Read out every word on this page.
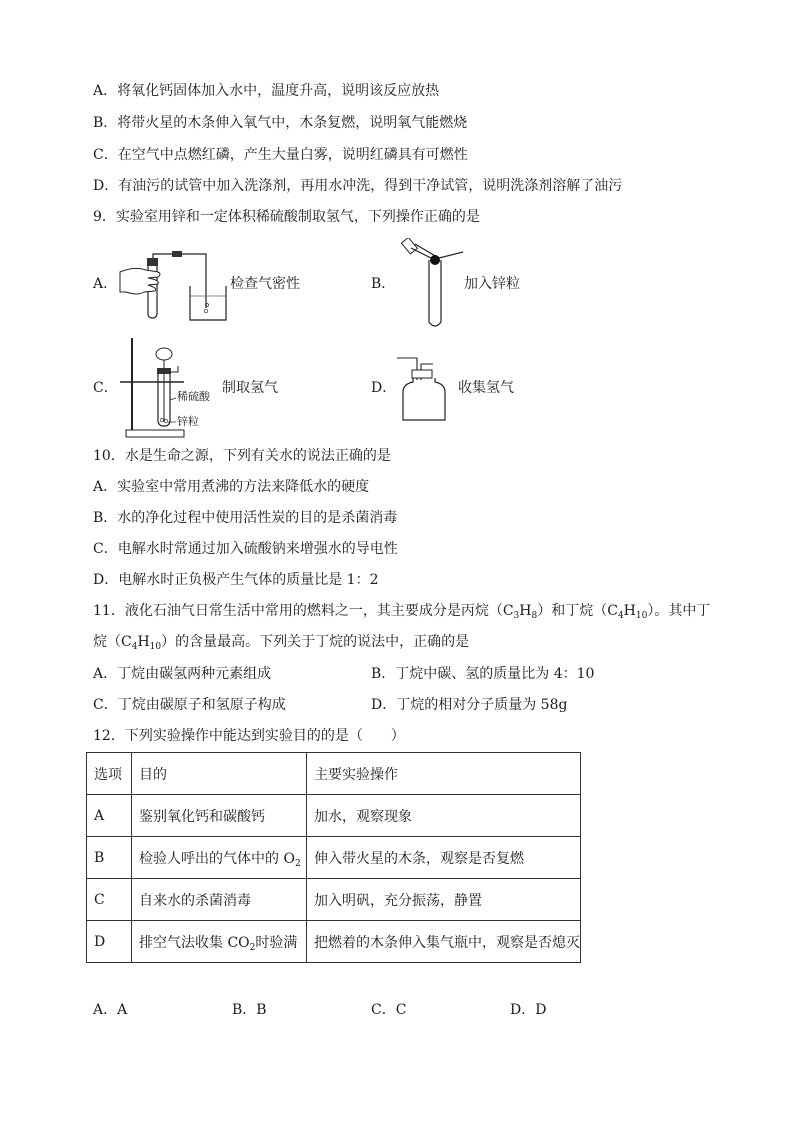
A．将氧化钙固体加入水中，温度升高，说明该反应放热
B．将带火星的木条伸入氧气中，木条复燃，说明氧气能燃烧
C．在空气中点燃红磷，产生大量白雾，说明红磷具有可燃性
D．有油污的试管中加入洗涤剂，再用水冲洗，得到干净试管，说明洗涤剂溶解了油污
9．实验室用锌和一定体积稀硫酸制取氢气，下列操作正确的是
A．	检查气密性	B．	加入锌粒
C．
稀硫酸
锌粒
制取氢气	D．	收集氢气
10．水是生命之源，下列有关水的说法正确的是
A．实验室中常用煮沸的方法来降低水的硬度
B．水的净化过程中使用活性炭的目的是杀菌消毒
C．电解水时常通过加入硫酸钠来增强水的导电性
D．电解水时正负极产生气体的质量比是 1：2
11．液化石油气日常生活中常用的燃料之一，其主要成分是丙烷$(C_3H_8)$和丁烷$(C_4H_{10})$。其中丁
烷$(C_4H_{10})$的含量最高。下列关于丁烷的说法中，正确的是
A．丁烷由碳氢两种元素组成	B．丁烷中碳、氢的质量比为 4：10
C．丁烷由碳原子和氢原子构成	D．丁烷的相对分子质量为 58g
12．下列实验操作中能达到实验目的的是（　　）
选项	目的	主要实验操作
A	鉴别氧化钙和碳酸钙	加水，观察现象
B	检验人呼出的气体中的 $O_2$	伸入带火星的木条，观察是否复燃
C	自来水的杀菌消毒	加入明矾，充分振荡，静置
D	排空气法收集 $CO_2$时验满	把燃着的木条伸入集气瓶中，观察是否熄灭
A．A	B．B	C．C	D．D
